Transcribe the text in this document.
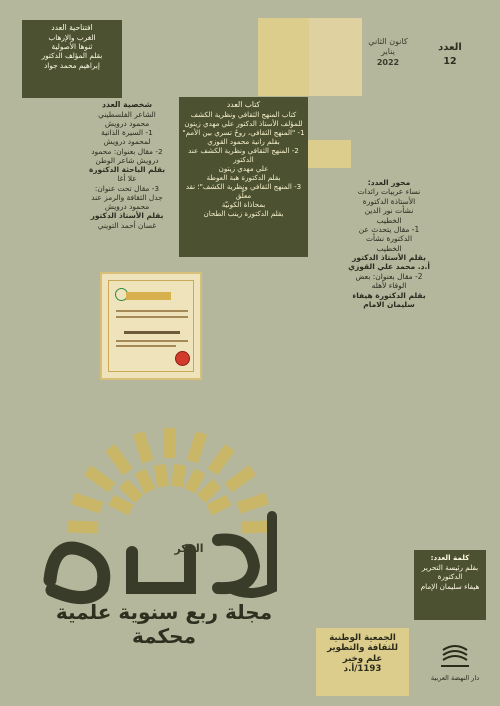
افتتاحية العدد
الغرب والإرهاب
ثنوها الأصولية
بقلم المؤلف الدكتور
إبراهيم محمد جواد
كانون الثاني
يناير
2022
العدد
12
شخصية العدد
الشاعر الفلسطيني
محمود درويش
1- السيرة الذاتية
لمحمود درويش
2- مقال بعنوان: محمود
درويش شاعر الوطن
بقلم الباحثة الدكتورة
علا أغا
3- مقال تحت عنوان:
جدل الثقافة والرمز عند
محمود درويش
بقلم الأستاذ الدكتور
غسان أحمد التويني
كتاب العدد
كتاب المنهج الثقافي ونظرية الكشف
للمؤلف الأستاذ الدكتور علي مهدي زيتون
1- "المنهج الثقافي، روحٌ تسري بين الأمم"
بقلم رانية محمود القوزي
2- المنهج الثقافي ونظرية الكشف عند الدكتور
علي مهدي زيتون
بقلم الدكتورة هبة العوطة
3- المنهج الثقافي ونظرية الكشف"؛ نقد معلَّق
بمحاذاة الكونيّة
بقلم الدكتورة زينب الطحان
محور العدد:
نساء عربيات رائدات
الأستاذة الدكتورة
نشأت نور الدين
الخطيب
1- مقال يتحدث عن
الدكتورة نشأت
الخطيب
بقلم الأستاذ الدكتور
أ.د. محمد علي القوزي
2- مقال بعنوان: بعض
الوفاء لأهله
بقلم الدكتورة هيفاء
سليمان الامام
الفكر
مجلة ربع سنوية علمية محكمة
كلمة العدد:
بقلم رئيسة التحرير
الدكتورة
هيفاء سليمان الإمام
الجمعية الوطنية
للثقافة والتطوير
علم وخير
1193/أ.د
دار النهضة العربية
